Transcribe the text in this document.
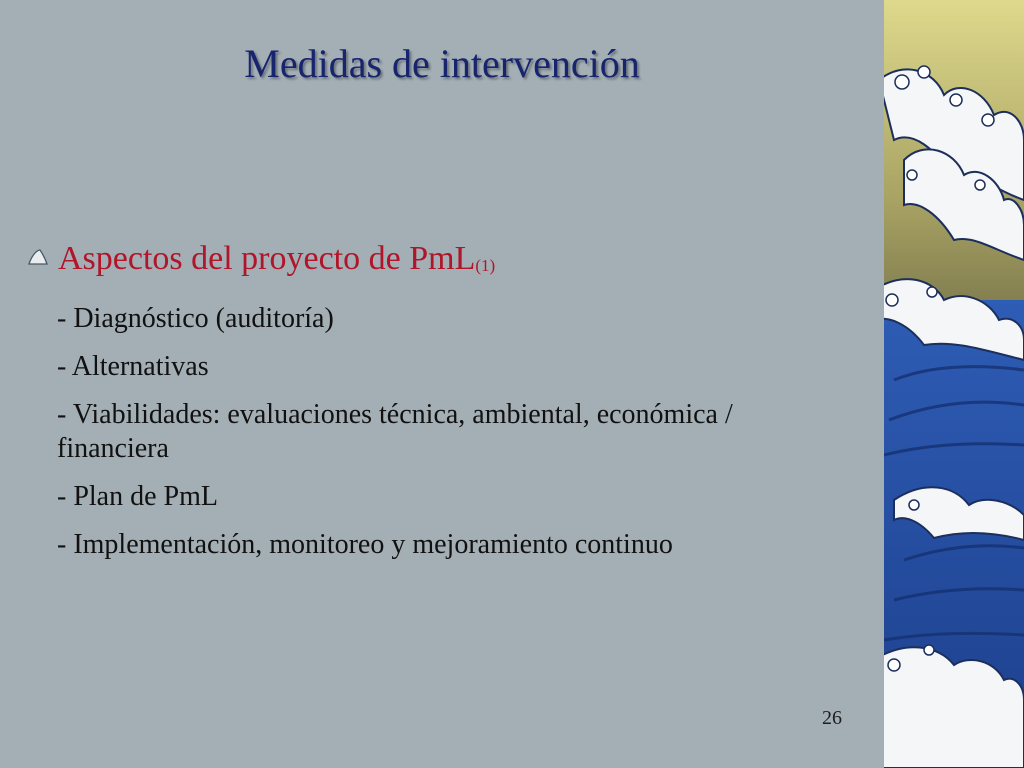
Medidas de intervención
Aspectos del proyecto de PmL(1)
- Diagnóstico (auditoría)
- Alternativas
- Viabilidades: evaluaciones técnica, ambiental, económica / financiera
- Plan de PmL
- Implementación, monitoreo y mejoramiento continuo
26
